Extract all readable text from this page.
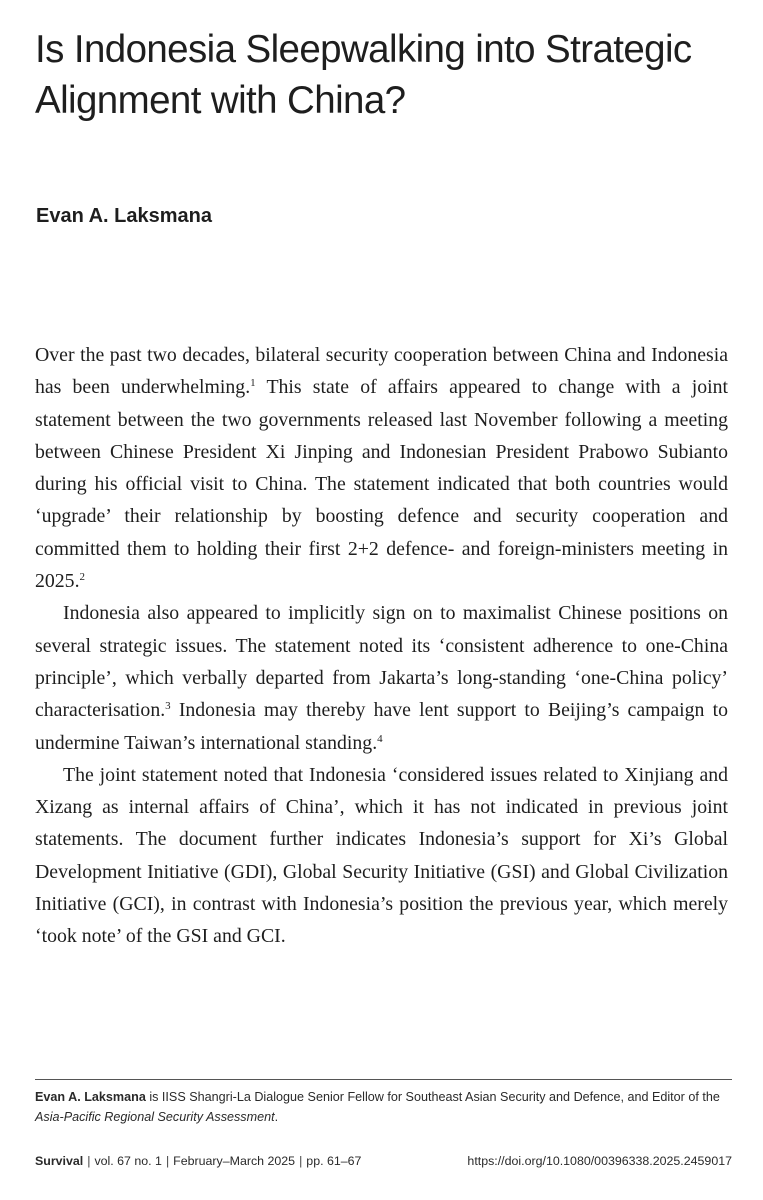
Is Indonesia Sleepwalking into Strategic Alignment with China?
Evan A. Laksmana

Over the past two decades, bilateral security cooperation between China and Indonesia has been underwhelming.$^1$ This state of affairs appeared to change with a joint statement between the two governments released last November following a meeting between Chinese President Xi Jinping and Indonesian President Prabowo Subianto during his official visit to China. The statement indicated that both countries would ‘upgrade’ their relationship by boosting defence and security cooperation and committed them to holding their first 2+2 defence- and foreign-ministers meeting in 2025.$^2$

Indonesia also appeared to implicitly sign on to maximalist Chinese positions on several strategic issues. The statement noted its ‘consistent adherence to one-China principle’, which verbally departed from Jakarta’s long-standing ‘one-China policy’ characterisation.$^3$ Indonesia may thereby have lent support to Beijing’s campaign to undermine Taiwan’s international standing.$^4$

The joint statement noted that Indonesia ‘considered issues related to Xinjiang and Xizang as internal affairs of China’, which it has not indicated in previous joint statements. The document further indicates Indonesia’s support for Xi’s Global Development Initiative (GDI), Global Security Initiative (GSI) and Global Civilization Initiative (GCI), in contrast with Indonesia’s position the previous year, which merely ‘took note’ of the GSI and GCI.

Evan A. Laksmana is IISS Shangri-La Dialogue Senior Fellow for Southeast Asian Security and Defence, and Editor of the Asia-Pacific Regional Security Assessment.

Survival | vol. 67 no. 1 | February–March 2025 | pp. 61–67	https://doi.org/10.1080/00396338.2025.2459017
